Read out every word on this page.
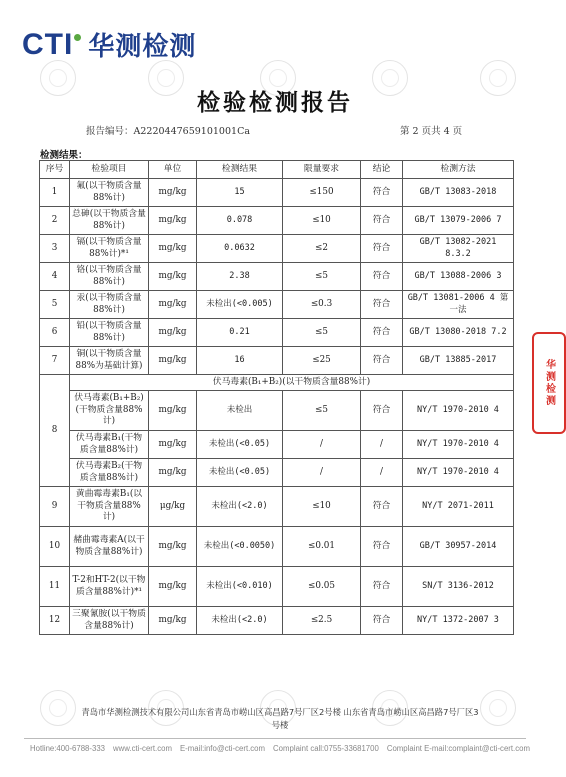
CTI 华测检测
检验检测报告
报告编号：A2220447659101001Ca	第 2 页共 4 页
检测结果：
序号	检验项目	单位	检测结果	限量要求	结论	检测方法
1	氟(以干物质含量88%计)	mg/kg	15	≤150	符合	GB/T 13083-2018
2	总砷(以干物质含量88%计)	mg/kg	0.078	≤10	符合	GB/T 13079-2006 7
3	镉(以干物质含量88%计)*¹	mg/kg	0.0632	≤2	符合	GB/T 13082-2021 8.3.2
4	铬(以干物质含量88%计)	mg/kg	2.38	≤5	符合	GB/T 13088-2006 3
5	汞(以干物质含量88%计)	mg/kg	未检出(<0.005)	≤0.3	符合	GB/T 13081-2006 4 第一法
6	铅(以干物质含量88%计)	mg/kg	0.21	≤5	符合	GB/T 13080-2018 7.2
7	铜(以干物质含量88%为基础计算)	mg/kg	16	≤25	符合	GB/T 13885-2017
8	伏马毒素(B₁+B₂)(以干物质含量88%计)					
	伏马毒素(B₁+B₂)(干物质含量88%计)	mg/kg	未检出	≤5	符合	NY/T 1970-2010 4
	伏马毒素B₁(干物质含量88%计)	mg/kg	未检出(<0.05)	/	/	NY/T 1970-2010 4
	伏马毒素B₂(干物质含量88%计)	mg/kg	未检出(<0.05)	/	/	NY/T 1970-2010 4
9	黄曲霉毒素B₁(以干物质含量88%计)	μg/kg	未检出(<2.0)	≤10	符合	NY/T 2071-2011
10	赭曲霉毒素A(以干物质含量88%计)	mg/kg	未检出(<0.0050)	≤0.01	符合	GB/T 30957-2014
11	T-2和HT-2(以干物质含量88%计)*¹	mg/kg	未检出(<0.010)	≤0.05	符合	SN/T 3136-2012
12	三聚氰胺(以干物质含量88%计)	mg/kg	未检出(<2.0)	≤2.5	符合	NY/T 1372-2007 3
华测检测
青岛市华测检测技术有限公司山东省青岛市崂山区高昌路7号厂区2号楼 山东省青岛市崂山区高昌路7号厂区3号楼
Hotline:400-6788-333 www.cti-cert.com E-mail:info@cti-cert.com Complaint call:0755-33681700 Complaint E-mail:complaint@cti-cert.com
